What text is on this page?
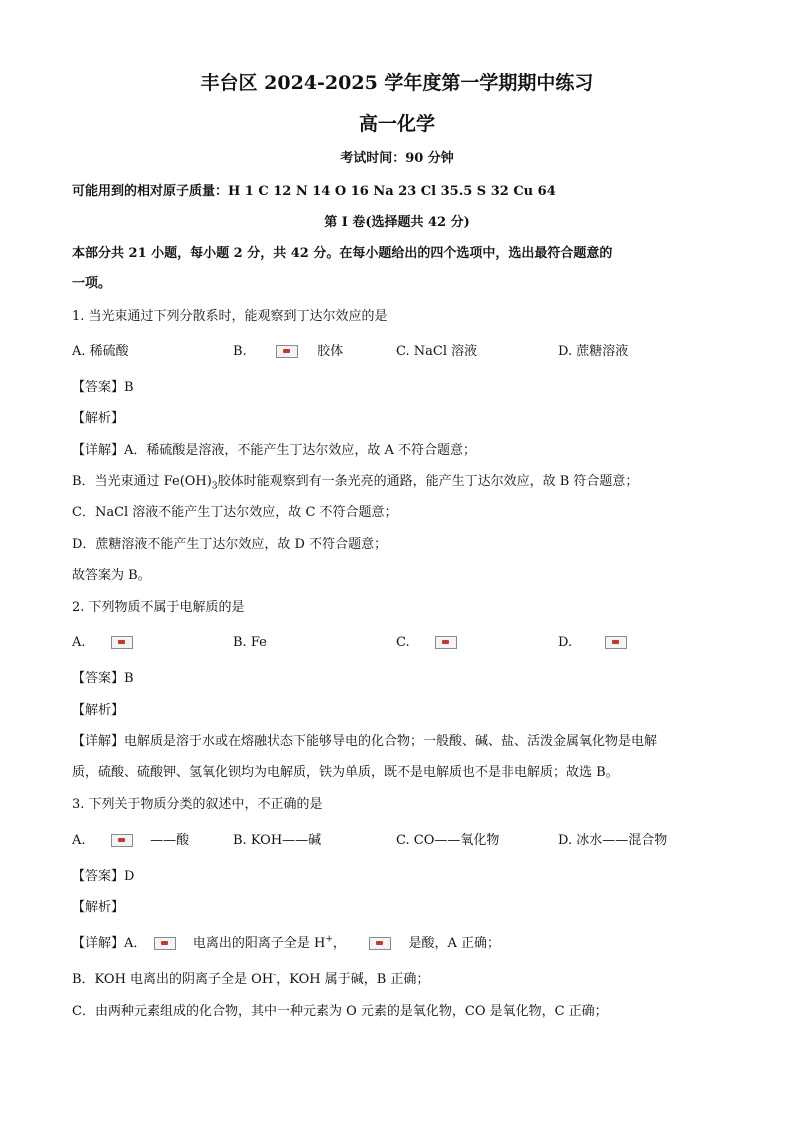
丰台区 2024-2025 学年度第一学期期中练习
高一化学
考试时间：90 分钟
可能用到的相对原子质量：H 1 C 12 N 14 O 16 Na 23 Cl 35.5 S 32 Cu 64
第 I 卷(选择题共 42 分)
本部分共 21 小题，每小题 2 分，共 42 分。在每小题给出的四个选项中，选出最符合题意的
一项。
1. 当光束通过下列分散系时，能观察到丁达尔效应的是
A. 稀硫酸	B.	胶体	C. NaCl 溶液	D. 蔗糖溶液
【答案】B
【解析】
【详解】A．稀硫酸是溶液，不能产生丁达尔效应，故 A 不符合题意；
B．当光束通过 $Fe(OH)_3$胶体时能观察到有一条光亮的通路，能产生丁达尔效应，故 B 符合题意；
C．NaCl 溶液不能产生丁达尔效应，故 C 不符合题意；
D．蔗糖溶液不能产生丁达尔效应，故 D 不符合题意；
故答案为 B。
2. 下列物质不属于电解质的是
A.	B. Fe	C.	D.
【答案】B
【解析】
【详解】电解质是溶于水或在熔融状态下能够导电的化合物；一般酸、碱、盐、活泼金属氧化物是电解
质，硫酸、硫酸钾、氢氧化钡均为电解质，铁为单质，既不是电解质也不是非电解质；故选 B。
3. 下列关于物质分类的叙述中，不正确的是
A.	——酸	B. KOH——碱	C. CO——氧化物	D. 冰水——混合物
【答案】D
【解析】
【详解】A．	电离出的阳离子全是 H+，	是酸，A 正确；
B．KOH 电离出的阴离子全是 OH-，KOH 属于碱，B 正确；
C．由两种元素组成的化合物，其中一种元素为 O 元素的是氧化物，CO 是氧化物，C 正确；
